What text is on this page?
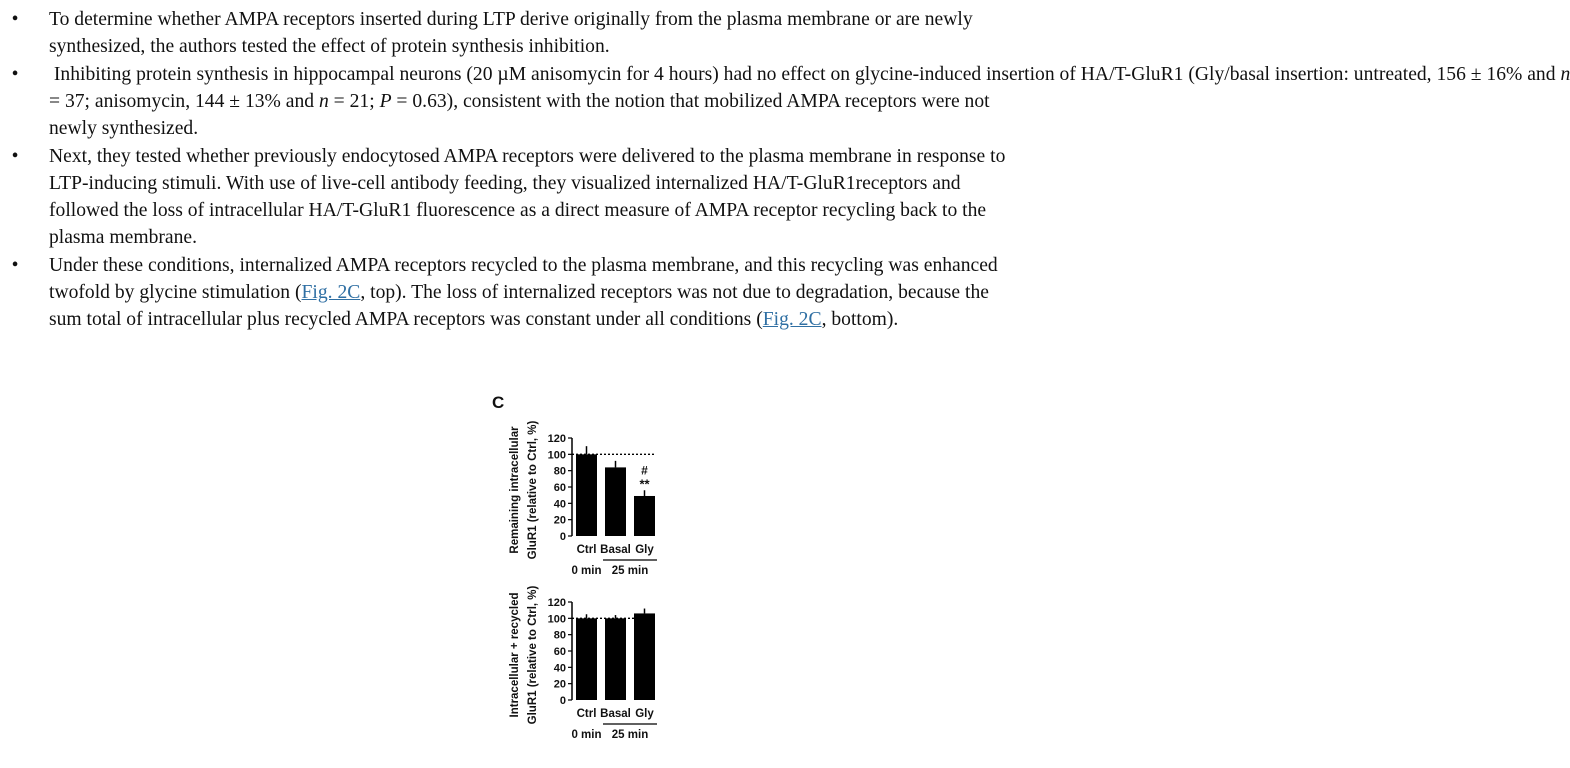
• To determine whether AMPA receptors inserted during LTP derive originally from the plasma membrane or are newly synthesized, the authors tested the effect of protein synthesis inhibition.
• Inhibiting protein synthesis in hippocampal neurons (20 µM anisomycin for 4 hours) had no effect on glycine-induced insertion of HA/T-GluR1 (Gly/basal insertion: untreated, 156 ± 16% and n = 37; anisomycin, 144 ± 13% and n = 21; P = 0.63), consistent with the notion that mobilized AMPA receptors were not newly synthesized.
• Next, they tested whether previously endocytosed AMPA receptors were delivered to the plasma membrane in response to LTP-inducing stimuli. With use of live-cell antibody feeding, they visualized internalized HA/T-GluR1receptors and followed the loss of intracellular HA/T-GluR1 fluorescence as a direct measure of AMPA receptor recycling back to the plasma membrane.
• Under these conditions, internalized AMPA receptors recycled to the plasma membrane, and this recycling was enhanced twofold by glycine stimulation (Fig. 2C, top). The loss of internalized receptors was not due to degradation, because the sum total of intracellular plus recycled AMPA receptors was constant under all conditions (Fig. 2C, bottom).
C
Remaining intracellular GluR1 (relative to Ctrl, %) 0
20
40
60
80
100
120
Ctrl Basal Gly
#
**
0 min 25 min
Intracellular + recycled GluR1 (relative to Ctrl, %) 0
20
40
60
80
100
120
Ctrl Basal Gly
0 min 25 min
